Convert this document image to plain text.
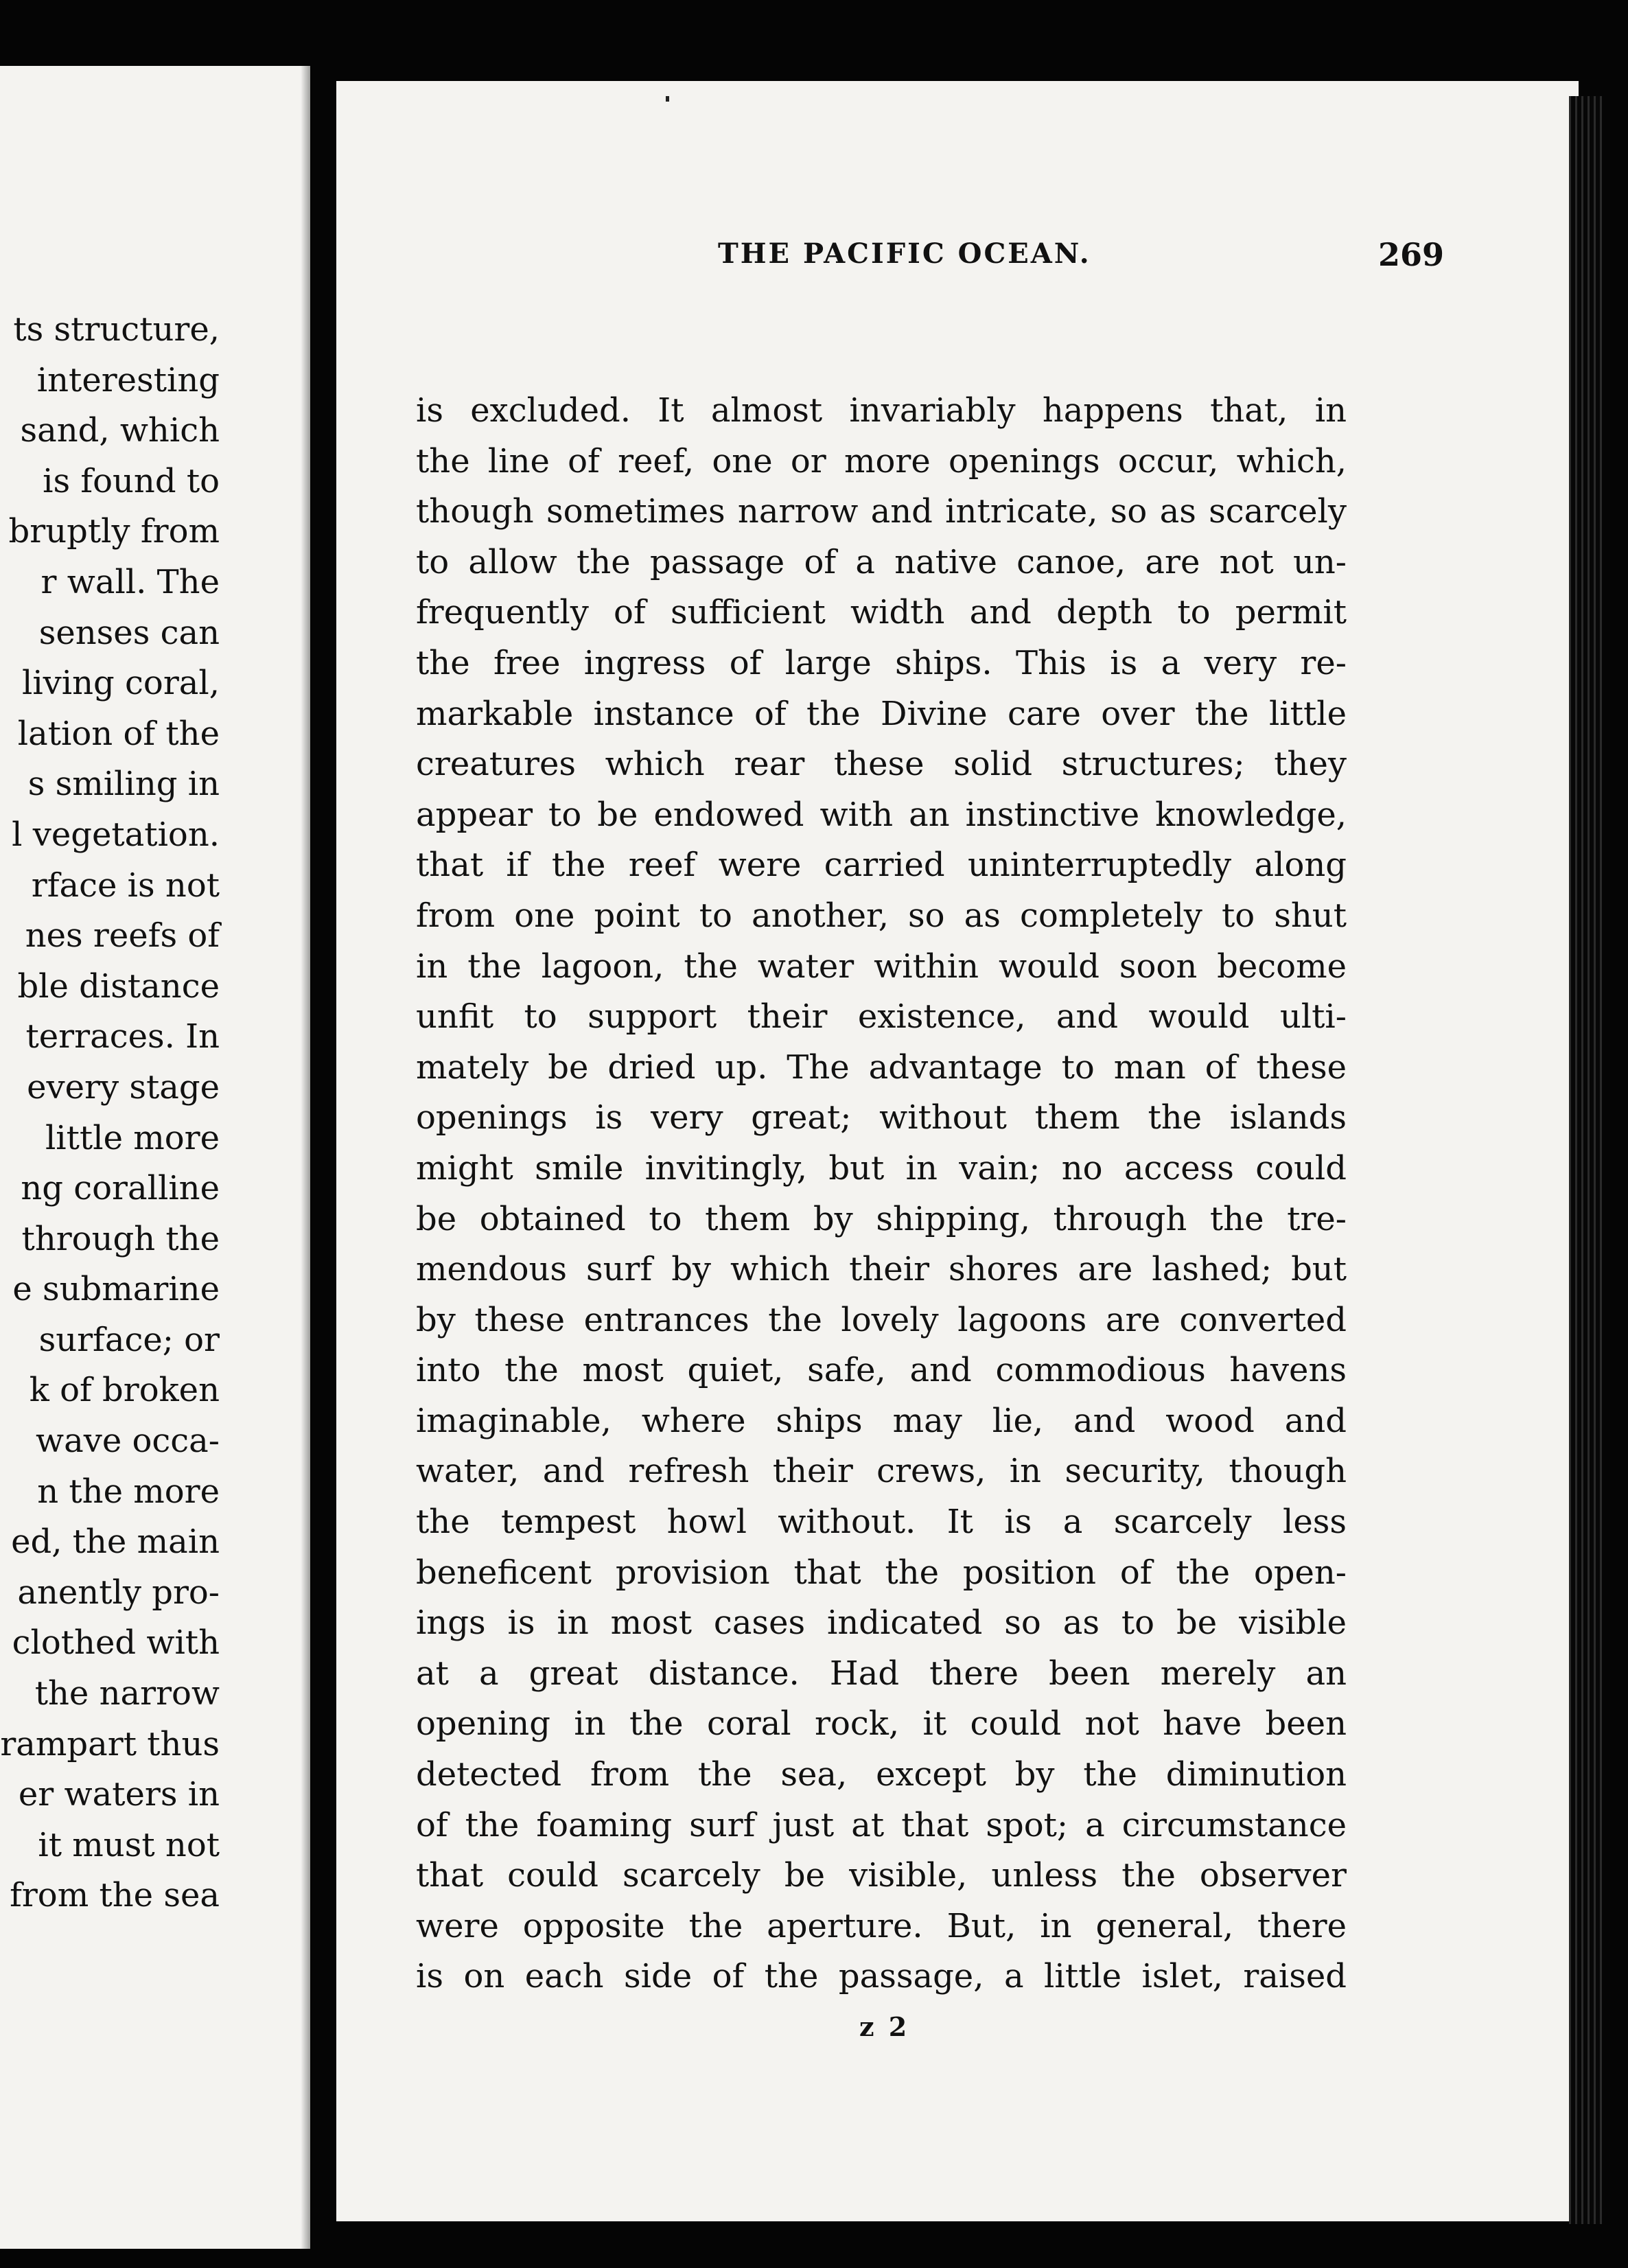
ts structure,
interesting
sand, which
is found to
bruptly from
r wall. The
senses can
living coral,
lation of the
s smiling in
l vegetation.
rface is not
nes reefs of
ble distance
terraces. In
every stage
little more
ng coralline
through the
e submarine
surface; or
k of broken
wave occa-
n the more
ed, the main
anently pro-
clothed with
the narrow
rampart thus
er waters in
it must not
from the sea
THE PACIFIC OCEAN.	269
is excluded. It almost invariably happens that, in
the line of reef, one or more openings occur, which,
though sometimes narrow and intricate, so as scarcely
to allow the passage of a native canoe, are not un-
frequently of sufficient width and depth to permit
the free ingress of large ships. This is a very re-
markable instance of the Divine care over the little
creatures which rear these solid structures; they
appear to be endowed with an instinctive knowledge,
that if the reef were carried uninterruptedly along
from one point to another, so as completely to shut
in the lagoon, the water within would soon become
unfit to support their existence, and would ulti-
mately be dried up. The advantage to man of these
openings is very great; without them the islands
might smile invitingly, but in vain; no access could
be obtained to them by shipping, through the tre-
mendous surf by which their shores are lashed; but
by these entrances the lovely lagoons are converted
into the most quiet, safe, and commodious havens
imaginable, where ships may lie, and wood and
water, and refresh their crews, in security, though
the tempest howl without. It is a scarcely less
beneficent provision that the position of the open-
ings is in most cases indicated so as to be visible
at a great distance. Had there been merely an
opening in the coral rock, it could not have been
detected from the sea, except by the diminution
of the foaming surf just at that spot; a circumstance
that could scarcely be visible, unless the observer
were opposite the aperture. But, in general, there
is on each side of the passage, a little islet, raised
z 2
